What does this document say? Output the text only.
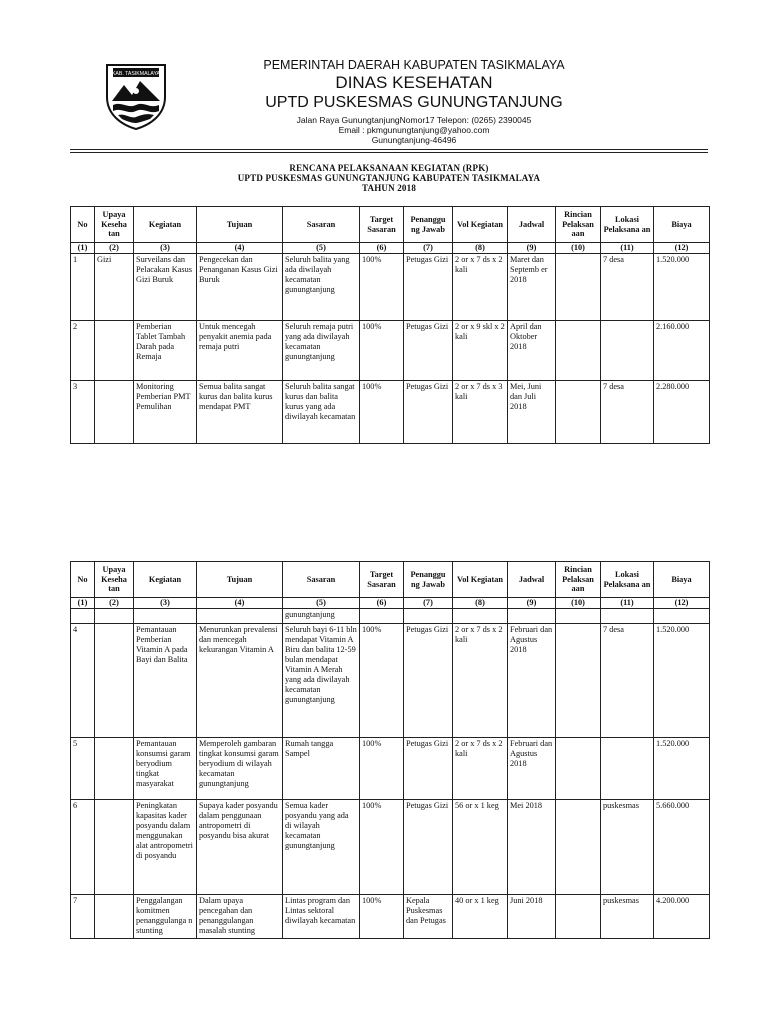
KAB. TASIKMALAYA
PEMERINTAH DAERAH KABUPATEN TASIKMALAYA
DINAS KESEHATAN
UPTD PUSKESMAS GUNUNGTANJUNG
Jalan Raya GunungtanjungNomor17 Telepon: (0265) 2390045
Email : pkmgunungtanjung@yahoo.com
Gunungtanjung-46496
RENCANA PELAKSANAAN KEGIATAN (RPK)
UPTD PUSKESMAS GUNUNGTANJUNG KABUPATEN TASIKMALAYA
TAHUN 2018
No	Upaya Keseha tan	Kegiatan	Tujuan	Sasaran	Target Sasaran	Penanggu ng Jawab	Vol Kegiatan	Jadwal	Rincian Pelaksan aan	Lokasi Pelaksana an	Biaya
(1)	(2)	(3)	(4)	(5)	(6)	(7)	(8)	(9)	(10)	(11)	(12)
1	Gizi	Surveilans dan Pelacakan Kasus Gizi Buruk	Pengecekan dan Penanganan Kasus Gizi Buruk	Seluruh balita yang ada diwilayah kecamatan gunungtanjung	100%	Petugas Gizi	2 or x 7 ds x 2 kali	Maret dan Septemb er 2018		7 desa	1.520.000
2		Pemberian Tablet Tambah Darah pada Remaja	Untuk mencegah penyakit anemia pada remaja putri	Seluruh remaja putri yang ada diwilayah kecamatan gunungtanjung	100%	Petugas Gizi	2 or x 9 skl x 2 kali	April dan Oktober 2018			2.160.000
3		Monitoring Pemberian PMT Pemulihan	Semua balita sangat kurus dan balita kurus mendapat PMT	Seluruh balita sangat kurus dan balita kurus yang ada diwilayah kecamatan	100%	Petugas Gizi	2 or x 7 ds x 3 kali	Mei, Juni dan Juli 2018		7 desa	2.280.000
No	Upaya Keseha tan	Kegiatan	Tujuan	Sasaran	Target Sasaran	Penanggu ng Jawab	Vol Kegiatan	Jadwal	Rincian Pelaksan aan	Lokasi Pelaksana an	Biaya
(1)	(2)	(3)	(4)	(5)	(6)	(7)	(8)	(9)	(10)	(11)	(12)
				gunungtanjung							
4		Pemantauan Pemberian Vitamin A pada Bayi dan Balita	Menurunkan prevalensi dan mencegah kekurangan Vitamin A	Seluruh bayi 6-11 bln mendapat Vitamin A Biru dan balita 12-59 bulan mendapat Vitamin A Merah yang ada diwilayah kecamatan gunungtanjung	100%	Petugas Gizi	2 or x 7 ds x 2 kali	Februari dan Agustus 2018		7 desa	1.520.000
5		Pemantauan konsumsi garam beryodium tingkat masyarakat	Memperoleh gambaran tingkat konsumsi garam beryodium di wilayah kecamatan gunungtanjung	Rumah tangga Sampel	100%	Petugas Gizi	2 or x 7 ds x 2 kali	Februari dan Agustus 2018			1.520.000
6		Peningkatan kapasitas kader posyandu dalam menggunakan alat antropometri di posyandu	Supaya kader posyandu dalam penggunaan antropometri di posyandu bisa akurat	Semua kader posyandu yang ada di wilayah kecamatan gunungtanjung	100%	Petugas Gizi	56 or x 1 keg	Mei 2018		puskesmas	5.660.000
7		Penggalangan komitmen penanggulanga n stunting	Dalam upaya pencegahan dan penanggulangan masalah stunting	Lintas program dan Lintas sektoral diwilayah kecamatan	100%	Kepala Puskesmas dan Petugas	40 or x 1 keg	Juni 2018		puskesmas	4.200.000
